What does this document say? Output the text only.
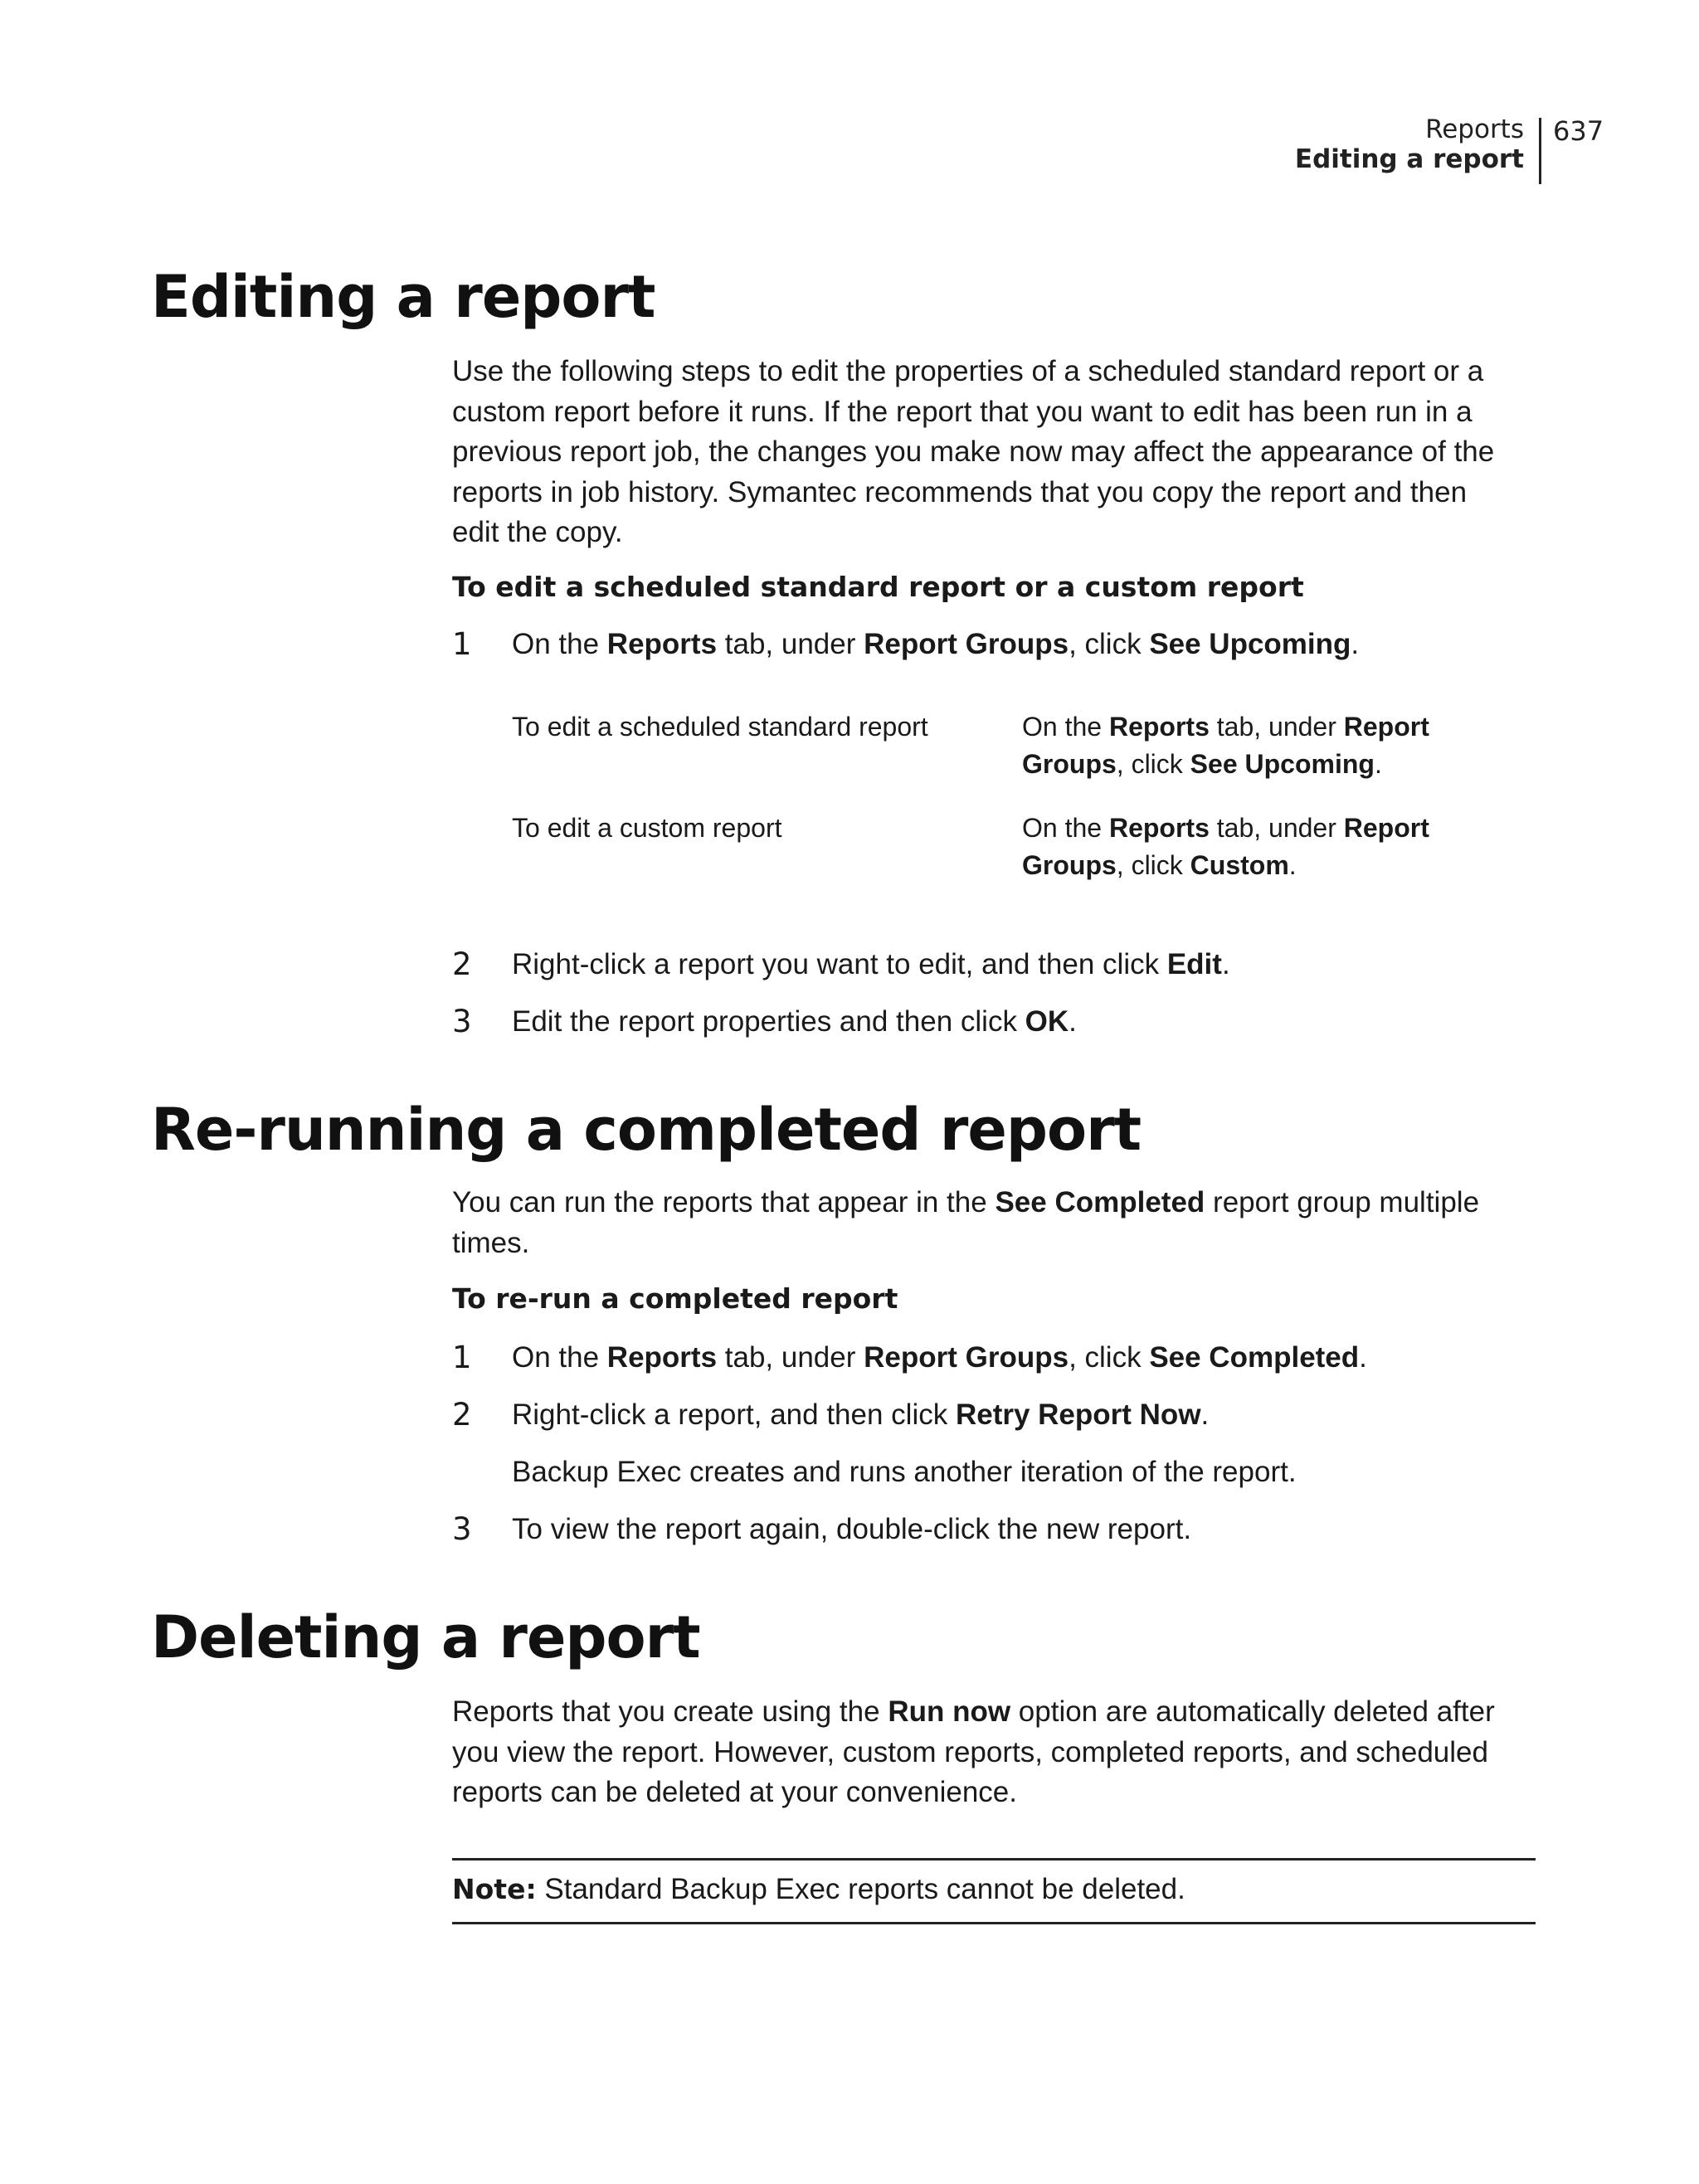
Reports
Editing a report
637
Editing a report

Use the following steps to edit the properties of a scheduled standard report or a
custom report before it runs. If the report that you want to edit has been run in a
previous report job, the changes you make now may affect the appearance of the
reports in job history. Symantec recommends that you copy the report and then
edit the copy.

To edit a scheduled standard report or a custom report

1 On the Reports tab, under Report Groups, click See Upcoming.

To edit a scheduled standard report	On the Reports tab, under Report
Groups, click See Upcoming.

To edit a custom report	On the Reports tab, under Report
Groups, click Custom.

2 Right-click a report you want to edit, and then click Edit.
3 Edit the report properties and then click OK.
Re-running a completed report

You can run the reports that appear in the See Completed report group multiple
times.

To re-run a completed report

1 On the Reports tab, under Report Groups, click See Completed.
2 Right-click a report, and then click Retry Report Now.

Backup Exec creates and runs another iteration of the report.

3 To view the report again, double-click the new report.
Deleting a report

Reports that you create using the Run now option are automatically deleted after
you view the report. However, custom reports, completed reports, and scheduled
reports can be deleted at your convenience.

Note: Standard Backup Exec reports cannot be deleted.
